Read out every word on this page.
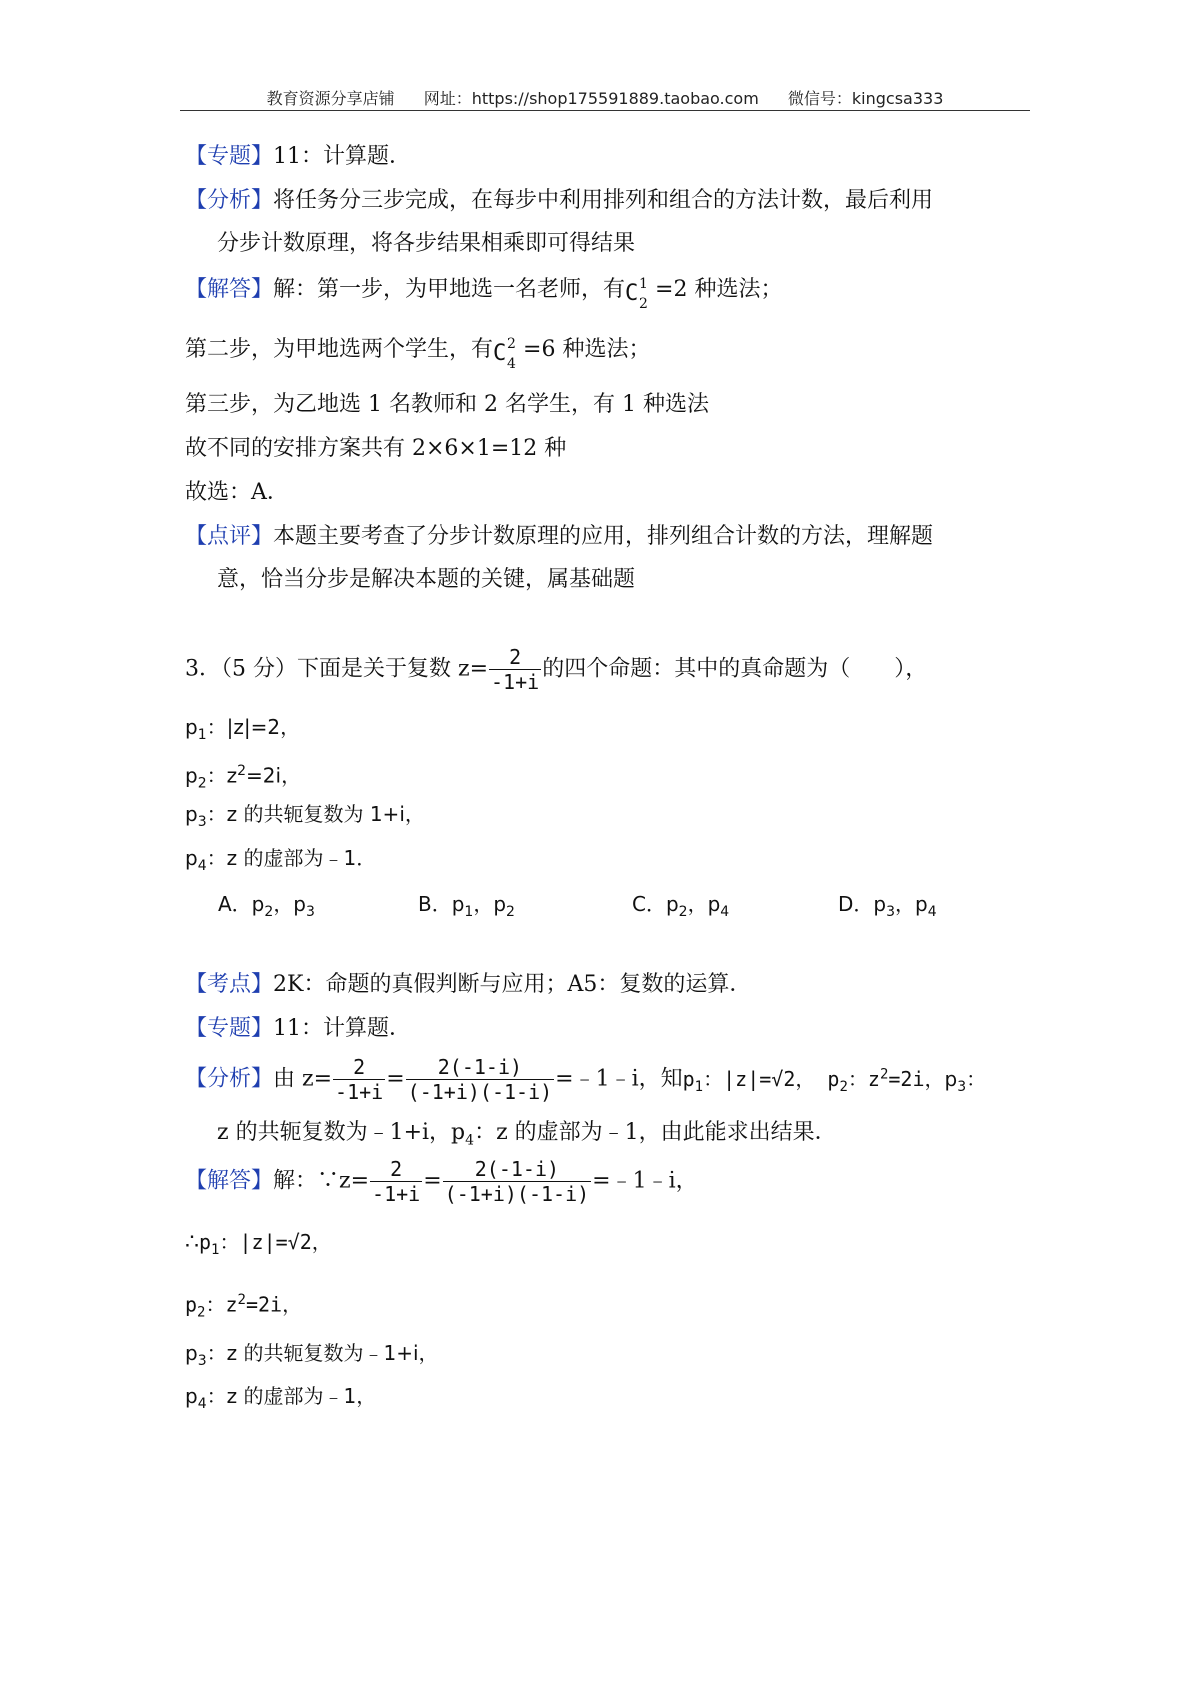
教育资源分享店铺 网址：https://shop175591889.taobao.com 微信号：kingcsa333
【专题】11：计算题．
【分析】将任务分三步完成，在每步中利用排列和组合的方法计数，最后利用
分步计数原理，将各步结果相乘即可得结果
【解答】解：第一步，为甲地选一名老师，有 C 1
2
=2 种选法；
第二步，为甲地选两个学生，有 C 2
4
=6 种选法；
第三步，为乙地选 1 名教师和 2 名学生，有 1 种选法
故不同的安排方案共有 2×6×1=12 种
故选：A．
【点评】本题主要考查了分步计数原理的应用，排列组合计数的方法，理解题
意，恰当分步是解决本题的关键，属基础题
3．（5 分）下面是关于复数 $z= \frac{2}{-1+i}$ 的四个命题：其中的真命题为（　　），
$p_1$：|z|=2，
$p_2$：$z^2=2i$，
$p_3$：z 的共轭复数为 1+i，
$p_4$：z 的虚部为﹣1．
A．$p_2$，$p_3$	B．$p_1$，$p_2$	C．$p_2$，$p_4$	D．$p_3$，$p_4$
【考点】2K：命题的真假判断与应用；A5：复数的运算．
【专题】11：计算题．
【分析】由 $z= \frac{2}{-1+i} = \frac{2(-1-i)}{(-1+i)(-1-i)}$ =﹣1﹣i，知$p_1$：|z|=√2， $p_2$：$z^2=2i$，$p_3$：
z 的共轭复数为﹣1+i，$p_4$：z 的虚部为﹣1，由此能求出结果．
【解答】解：∵z= $\frac{2}{-1+i} = \frac{2(-1-i)}{(-1+i)(-1-i)}$ =﹣1﹣i，
$\therefore p_1$：|z|=√2，
$p_2$：$z^2=2i$，
$p_3$：z 的共轭复数为﹣1+i，
$p_4$：z 的虚部为﹣1，
